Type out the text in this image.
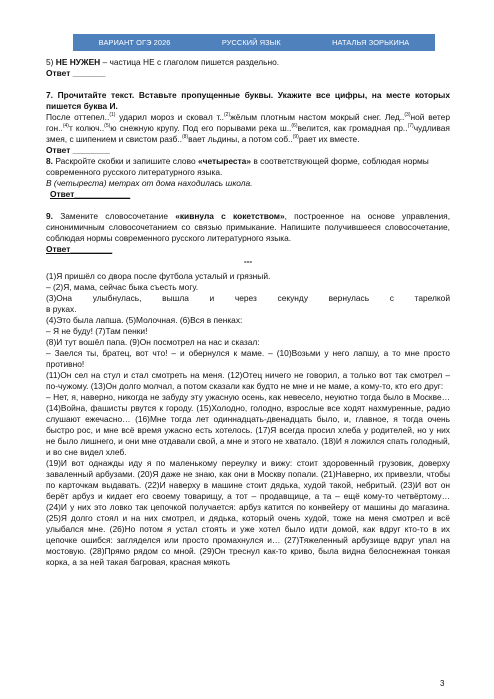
ВАРИАНТ ОГЭ 2026	РУССКИЙ ЯЗЫК	НАТАЛЬЯ ЗОРЬКИНА

5) НЕ НУЖЕН – частица НЕ с глаголом пишется раздельно.

Ответ _______

7. Прочитайте текст. Вставьте пропущенные буквы. Укажите все цифры, на месте которых пишется буква И.

После оттепел..$^{(1)}$ ударил мороз и сковал т..$^{(2)}$жёлым плотным настом мокрый снег. Лед..$^{(3)}$ной ветер гон..$^{(4)}$т колюч..$^{(5)}$ю снежную крупу. Под его порывами река ш..$^{(6)}$велится, как громадная пр..$^{(7)}$чудливая змея, с шипением и свистом разб..$^{(8)}$вает льдины, а потом соб..$^{(9)}$рает их вместе.

Ответ ________

8. Раскройте скобки и запишите слово «четыреста» в соответствующей форме, соблюдая нормы современного русского литературного языка.

В (четыреста) метрах от дома находилась школа.

Ответ____________

9. Замените словосочетание «кивнула с кокетством», построенное на основе управления, синонимичным словосочетанием со связью примыкание. Напишите получившееся словосочетание, соблюдая нормы современного русского литературного языка.

Ответ_________

---

(1)Я пришёл со двора после футбола усталый и грязный.

– (2)Я, мама, сейчас быка съесть могу.

(3)Она улыбнулась, вышла и через секунду вернулась с тарелкой

в руках.

(4)Это была лапша. (5)Молочная. (6)Вся в пенках:

– Я не буду! (7)Там пенки!

(8)И тут вошёл папа. (9)Он посмотрел на нас и сказал:

– Заелся ты, братец, вот что! – и обернулся к маме. – (10)Возьми у него лапшу, а то мне просто противно!

(11)Он сел на стул и стал смотреть на меня. (12)Отец ничего не говорил, а только вот так смотрел – по-чужому. (13)Он долго молчал, а потом сказали как будто не мне и не маме, а кому-то, кто его друг:

– Нет, я, наверно, никогда не забуду эту ужасную осень, как невесело, неуютно тогда было в Москве… (14)Война, фашисты рвутся к городу. (15)Холодно, голодно, взрослые все ходят нахмуренные, радио слушают ежечасно… (16)Мне тогда лет одиннадцать-двенадцать было, и, главное, я тогда очень быстро рос, и мне всё время ужасно есть хотелось. (17)Я всегда просил хлеба у родителей, но у них не было лишнего, и они мне отдавали свой, а мне и этого не хватало. (18)И я ложился спать голодный, и во сне видел хлеб.

(19)И вот однажды иду я по маленькому переулку и вижу: стоит здоровенный грузовик, доверху заваленный арбузами. (20)Я даже не знаю, как они в Москву попали. (21)Наверно, их привезли, чтобы по карточкам выдавать. (22)И наверху в машине стоит дядька, худой такой, небритый. (23)И вот он берёт арбуз и кидает его своему товарищу, а тот – продавщице, а та – ещё кому-то четвёртому… (24)И у них это ловко так цепочкой получается: арбуз катится по конвейеру от машины до магазина. (25)Я долго стоял и на них смотрел, и дядька, который очень худой, тоже на меня смотрел и всё улыбался мне. (26)Но потом я устал стоять и уже хотел было идти домой, как вдруг кто-то в их цепочке ошибся: загляделся или просто промахнулся и… (27)Тяжеленный арбузище вдруг упал на мостовую. (28)Прямо рядом со мной. (29)Он треснул как-то криво, была видна белоснежная тонкая корка, а за ней такая багровая, красная мякоть

3
